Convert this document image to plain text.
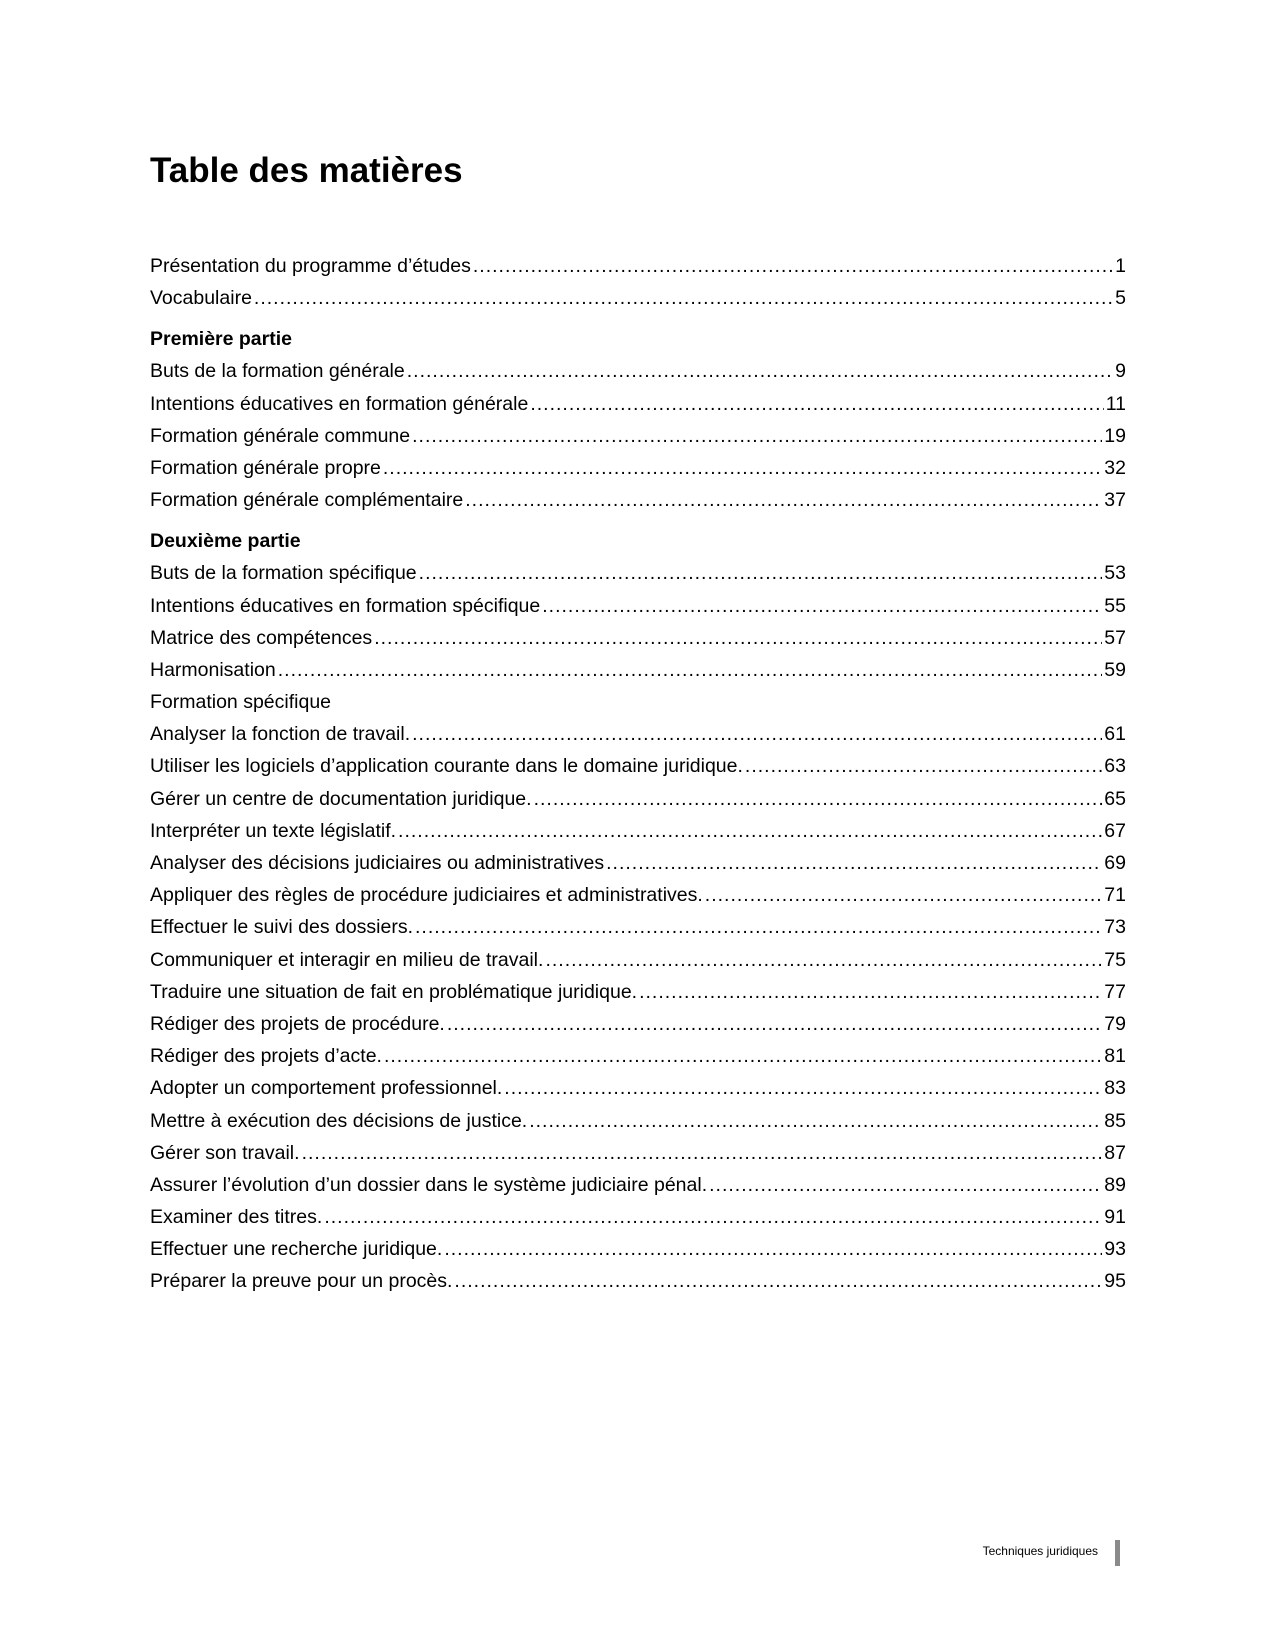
Table des matières
Présentation du programme d’études .....	1
Vocabulaire .....	5
Première partie
Buts de la formation générale .....	9
Intentions éducatives en formation générale .....	11
Formation générale commune .....	19
Formation générale propre .....	32
Formation générale complémentaire .....	37
Deuxième partie
Buts de la formation spécifique .....	53
Intentions éducatives en formation spécifique .....	55
Matrice des compétences .....	57
Harmonisation .....	59
Formation spécifique
Analyser la fonction de travail. .....	61
Utiliser les logiciels d’application courante dans le domaine juridique. .....	63
Gérer un centre de documentation juridique. .....	65
Interpréter un texte législatif. .....	67
Analyser des décisions judiciaires ou administratives .....	69
Appliquer des règles de procédure judiciaires et administratives. .....	71
Effectuer le suivi des dossiers. .....	73
Communiquer et interagir en milieu de travail. .....	75
Traduire une situation de fait en problématique juridique. .....	77
Rédiger des projets de procédure. .....	79
Rédiger des projets d’acte. .....	81
Adopter un comportement professionnel. .....	83
Mettre à exécution des décisions de justice. .....	85
Gérer son travail. .....	87
Assurer l’évolution d’un dossier dans le système judiciaire pénal. .....	89
Examiner des titres. .....	91
Effectuer une recherche juridique. .....	93
Préparer la preuve pour un procès. .....	95
Techniques juridiques
